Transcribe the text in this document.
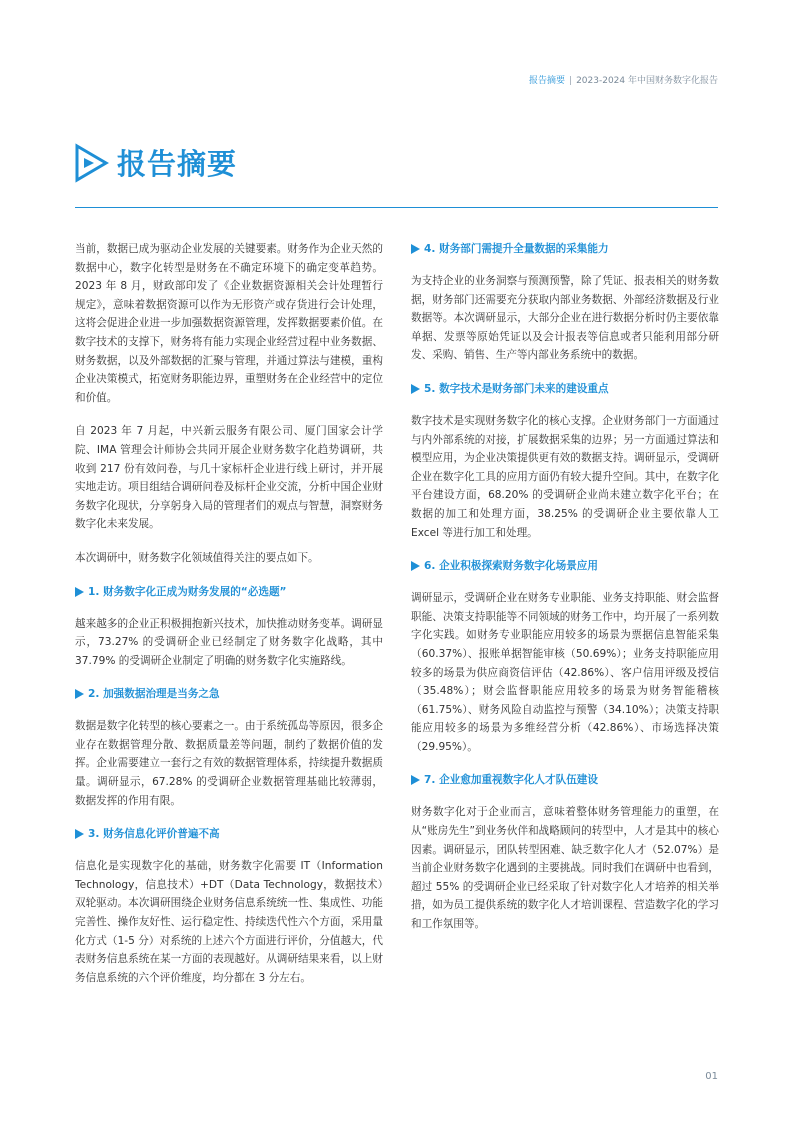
报告摘要 | 2023-2024 年中国财务数字化报告
报告摘要

当前，数据已成为驱动企业发展的关键要素。财务作为企业天然的数据中心，数字化转型是财务在不确定环境下的确定变革趋势。2023 年 8 月，财政部印发了《企业数据资源相关会计处理暂行规定》，意味着数据资源可以作为无形资产或存货进行会计处理，这将会促进企业进一步加强数据资源管理，发挥数据要素价值。在数字技术的支撑下，财务将有能力实现企业经营过程中业务数据、财务数据，以及外部数据的汇聚与管理，并通过算法与建模，重构企业决策模式，拓宽财务职能边界，重塑财务在企业经营中的定位和价值。

自 2023 年 7 月起，中兴新云服务有限公司、厦门国家会计学院、IMA 管理会计师协会共同开展企业财务数字化趋势调研，共收到 217 份有效问卷，与几十家标杆企业进行线上研讨，并开展实地走访。项目组结合调研问卷及标杆企业交流，分析中国企业财务数字化现状，分享躬身入局的管理者们的观点与智慧，洞察财务数字化未来发展。

本次调研中，财务数字化领域值得关注的要点如下。

1. 财务数字化正成为财务发展的“必选题”

越来越多的企业正积极拥抱新兴技术，加快推动财务变革。调研显示，73.27% 的受调研企业已经制定了财务数字化战略，其中 37.79% 的受调研企业制定了明确的财务数字化实施路线。

2. 加强数据治理是当务之急

数据是数字化转型的核心要素之一。由于系统孤岛等原因，很多企业存在数据管理分散、数据质量差等问题，制约了数据价值的发挥。企业需要建立一套行之有效的数据管理体系，持续提升数据质量。调研显示，67.28% 的受调研企业数据管理基础比较薄弱，数据发挥的作用有限。

3. 财务信息化评价普遍不高

信息化是实现数字化的基础，财务数字化需要 IT（Information Technology，信息技术）+DT（Data Technology，数据技术）双轮驱动。本次调研围绕企业财务信息系统统一性、集成性、功能完善性、操作友好性、运行稳定性、持续迭代性六个方面，采用量化方式（1-5 分）对系统的上述六个方面进行评价，分值越大，代表财务信息系统在某一方面的表现越好。从调研结果来看，以上财务信息系统的六个评价维度，均分都在 3 分左右。

4. 财务部门需提升全量数据的采集能力

为支持企业的业务洞察与预测预警，除了凭证、报表相关的财务数据，财务部门还需要充分获取内部业务数据、外部经济数据及行业数据等。本次调研显示，大部分企业在进行数据分析时仍主要依靠单据、发票等原始凭证以及会计报表等信息或者只能利用部分研发、采购、销售、生产等内部业务系统中的数据。

5. 数字技术是财务部门未来的建设重点

数字技术是实现财务数字化的核心支撑。企业财务部门一方面通过与内外部系统的对接，扩展数据采集的边界；另一方面通过算法和模型应用，为企业决策提供更有效的数据支持。调研显示，受调研企业在数字化工具的应用方面仍有较大提升空间。其中，在数字化平台建设方面，68.20% 的受调研企业尚未建立数字化平台；在数据的加工和处理方面，38.25% 的受调研企业主要依靠人工 Excel 等进行加工和处理。

6. 企业积极探索财务数字化场景应用

调研显示，受调研企业在财务专业职能、业务支持职能、财会监督职能、决策支持职能等不同领域的财务工作中，均开展了一系列数字化实践。如财务专业职能应用较多的场景为票据信息智能采集（60.37%）、报账单据智能审核（50.69%）；业务支持职能应用较多的场景为供应商资信评估（42.86%）、客户信用评级及授信（35.48%）；财会监督职能应用较多的场景为财务智能稽核（61.75%）、财务风险自动监控与预警（34.10%）；决策支持职能应用较多的场景为多维经营分析（42.86%）、市场选择决策（29.95%）。

7. 企业愈加重视数字化人才队伍建设

财务数字化对于企业而言，意味着整体财务管理能力的重塑，在从“账房先生”到业务伙伴和战略顾问的转型中，人才是其中的核心因素。调研显示，团队转型困难、缺乏数字化人才（52.07%）是当前企业财务数字化遇到的主要挑战。同时我们在调研中也看到，超过 55% 的受调研企业已经采取了针对数字化人才培养的相关举措，如为员工提供系统的数字化人才培训课程、营造数字化的学习和工作氛围等。

01
